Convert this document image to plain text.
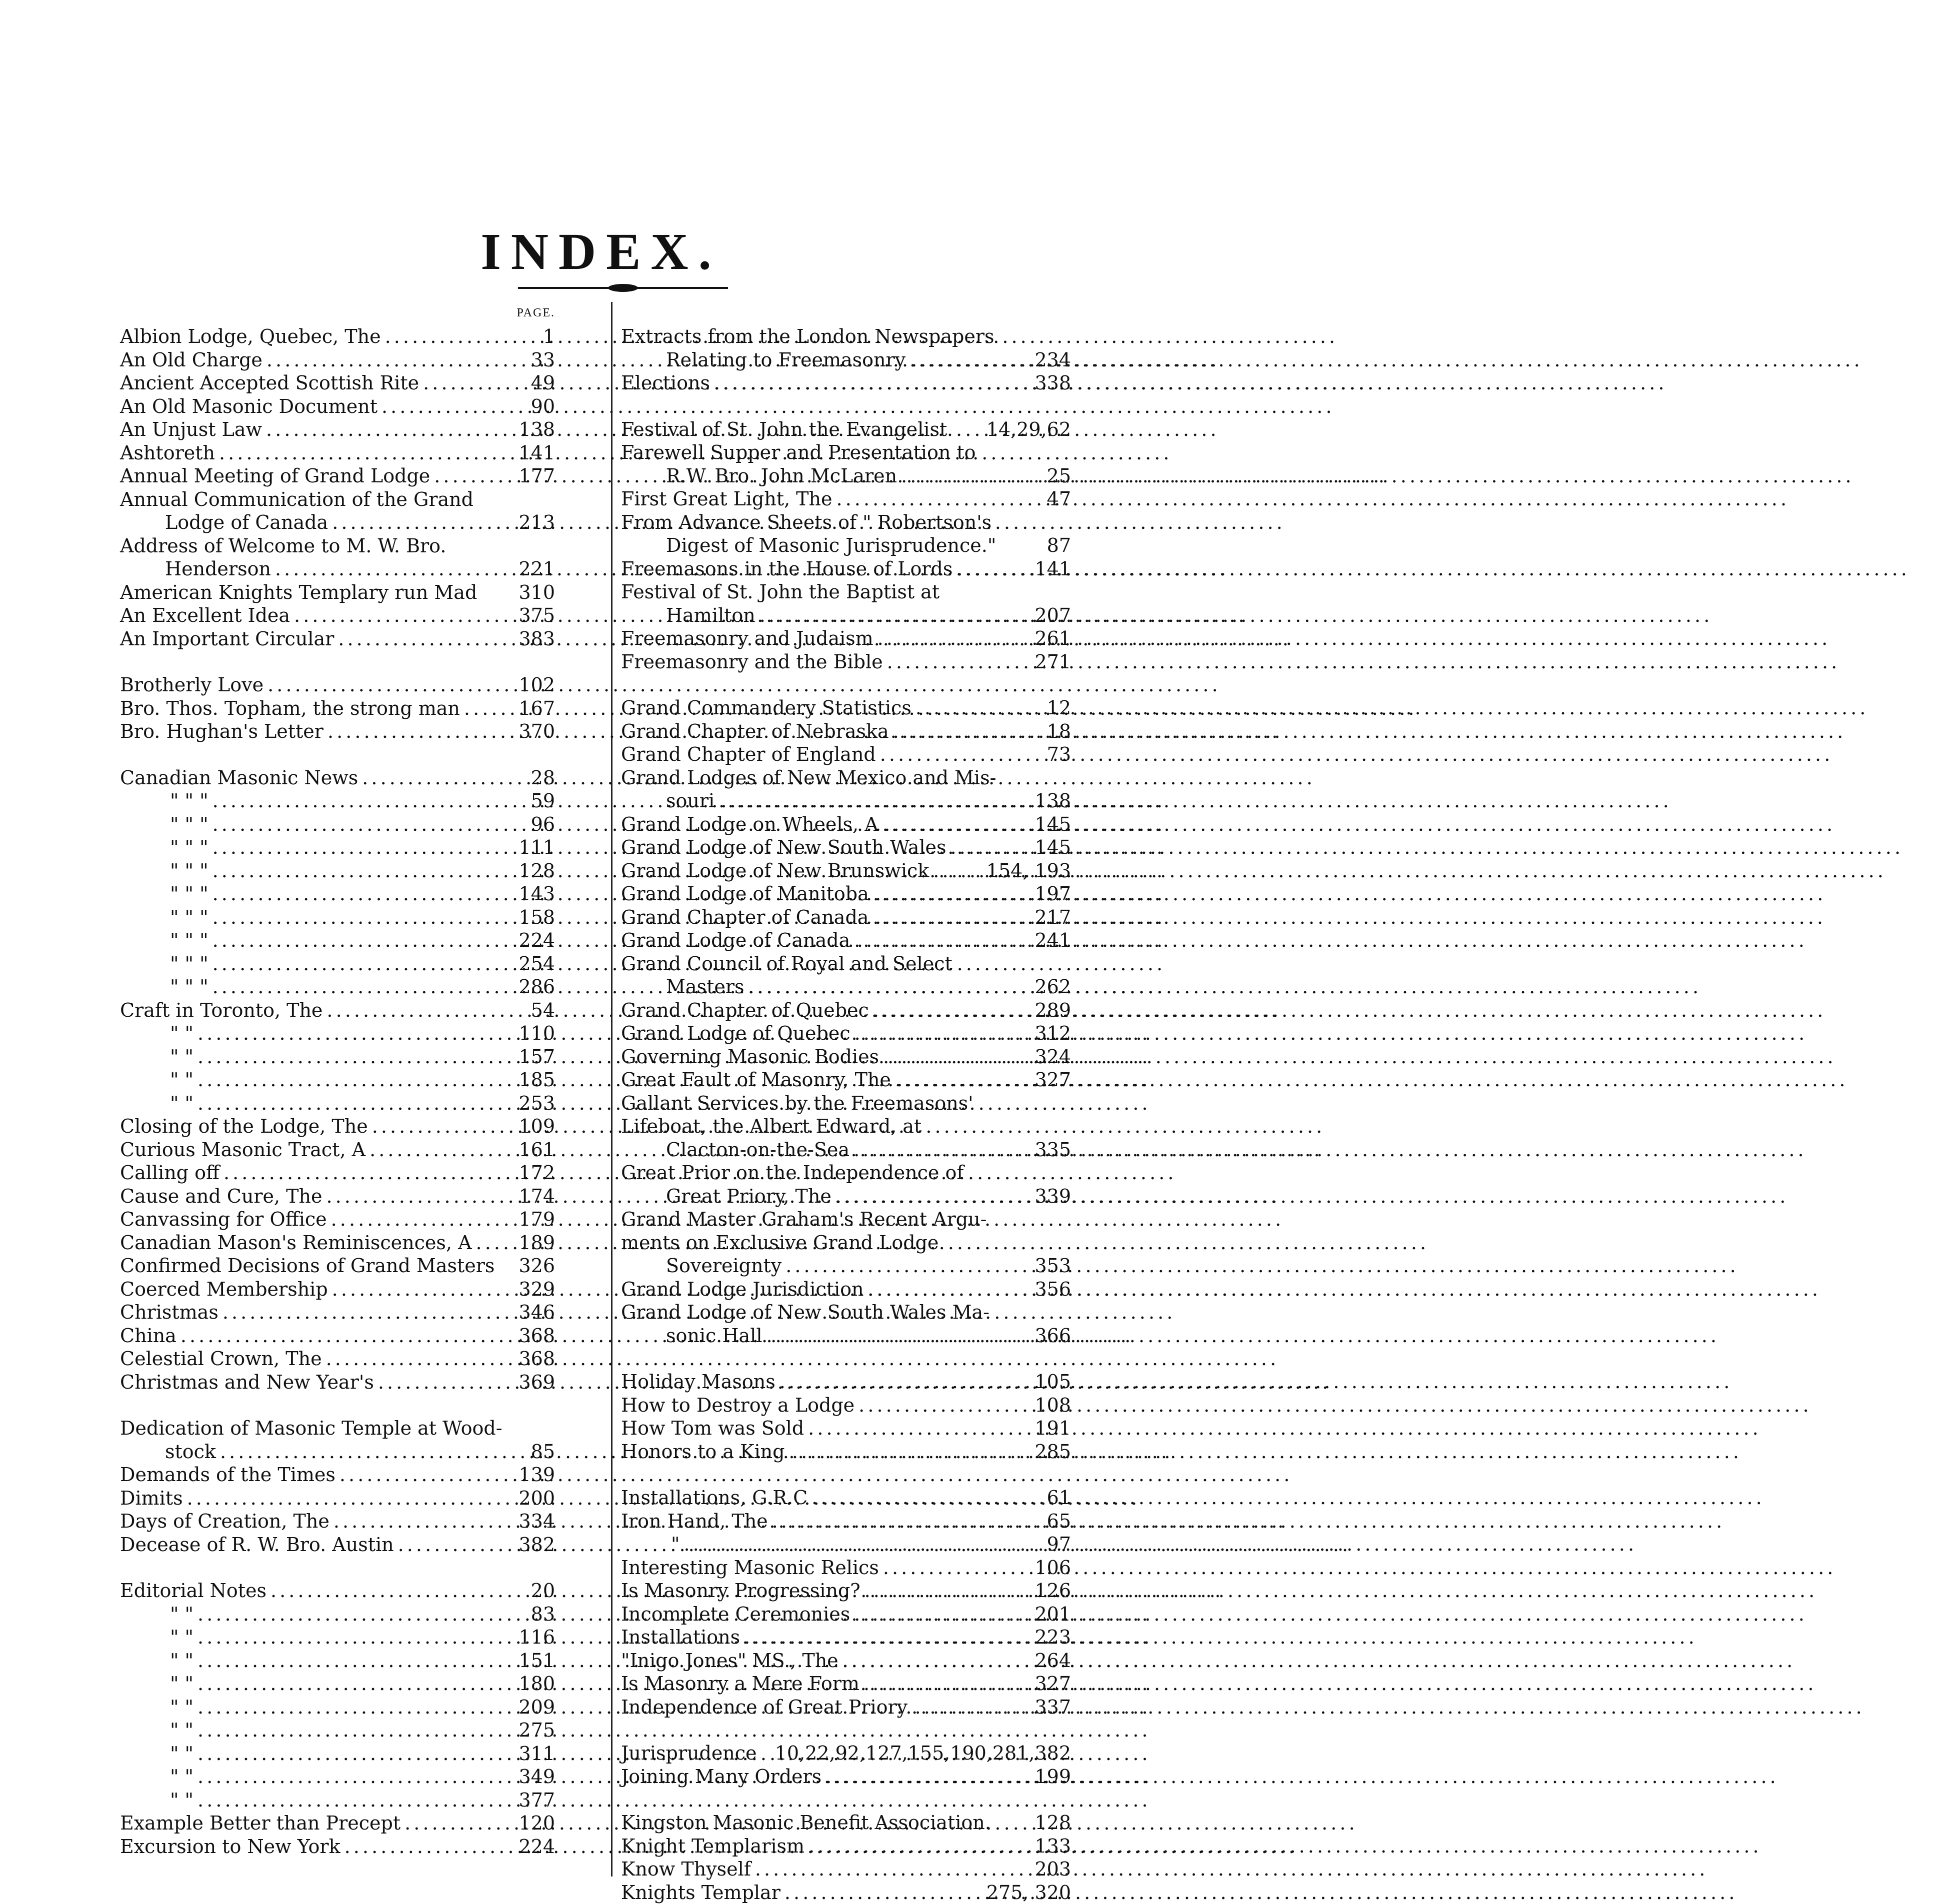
INDEX.
PAGE.
Albion Lodge, Quebec, The . . .	1
An Old Charge . . .	33
Ancient Accepted Scottish Rite . . .	49
An Old Masonic Document . . .	90
An Unjust Law . . .	138
Ashtoreth . . .	141
Annual Meeting of Grand Lodge . . .	177
Annual Communication of the Grand
Lodge of Canada . . .	213
Address of Welcome to M. W. Bro.
Henderson . . .	221
American Knights Templary run Mad 310
An Excellent Idea . . .	375
An Important Circular . . .	383
Brotherly Love . . .	102
Bro. Thos. Topham, the strong man . . .	167
Bro. Hughan's Letter . . .	370
Canadian Masonic News . . .	28
" " " . . .	59
" " " . . .	96
" " " . . .	111
" " " . . .	128
" " " . . .	143
" " " . . .	158
" " " . . .	224
" " " . . .	254
" " " . . .	286
Craft in Toronto, The . . .	54
" " . . .	110
" " . . .	157
" " . . .	185
" " . . .	253
Closing of the Lodge, The . . .	109
Curious Masonic Tract, A . . .	161
Calling off . . .	172
Cause and Cure, The . . .	174
Canvassing for Office . . .	179
Canadian Mason's Reminiscences, A . . . 189
Confirmed Decisions of Grand Masters 326
Coerced Membership . . .	329
Christmas . . .	346
China . . .	368
Celestial Crown, The . . .	368
Christmas and New Year's . . .	369
Dedication of Masonic Temple at Wood-
stock . . .	85
Demands of the Times . . .	139
Dimits . . .	200
Days of Creation, The . . .	334
Decease of R. W. Bro. Austin . . .	382
Editorial Notes . . .	20
" " . . .	83
" " . . .	116
" " . . .	151
" " . . .	180
" " . . .	209
" " . . .	275
" " . . .	311
" " . . .	349
" " . . .	377
Example Better than Precept . . .	120
Excursion to New York . . .	224

Extracts from the London Newspapers
Relating to Freemasonry . . .	234
Elections . . .	338
Festival of St. John the Evangelist 14,29,62
Farewell Supper and Presentation to
R.W. Bro. John McLaren . . .	25
First Great Light, The . . .	47
From Advance Sheets of " Robertson's
Digest of Masonic Jurisprudence."	87
Freemasons in the House of Lords . . .	141
Festival of St. John the Baptist at
Hamilton . . .	207
Freemasonry and Judaism . . .	261
Freemasonry and the Bible . . .	271
Grand Commandery Statistics . . .	12
Grand Chapter of Nebraska . . .	18
Grand Chapter of England . . .	73
Grand Lodges of New Mexico and Mis-
souri . . .	138
Grand Lodge on Wheels, A . . .	145
Grand Lodge of New South Wales . . .	145
Grand Lodge of New Brunswick . . .	154, 193
Grand Lodge of Manitoba . . .	197
Grand Chapter of Canada . . .	217
Grand Lodge of Canada . . .	241
Grand Council of Royal and Select
Masters . . .	262
Grand Chapter of Quebec . . .	289
Grand Lodge of Quebec . . .	312
Governing Masonic Bodies . . .	324
Great Fault of Masonry, The . . .	327
Gallant Services by the Freemasons'
Lifeboat, the Albert Edward, at
Clacton-on-the-Sea . . .	335
Great Prior on the Independence of
Great Priory, The . . .	339
Grand Master Graham's Recent Argu-
ments on Exclusive Grand Lodge
Sovereignty . . .	353
Grand Lodge Jurisdiction . . .	356
Grand Lodge of New South Wales Ma-
sonic Hall . . .	366
Holiday Masons . . .	105
How to Destroy a Lodge . . .	108
How Tom was Sold . . .	191
Honors to a King . . .	285
Installations, G.R.C . . .	61
Iron Hand, The . . .	65
" . . .	97
Interesting Masonic Relics . . .	106
Is Masonry Progressing? . . .	126
Incomplete Ceremonies . . .	201
Installations . . .	223
"Inigo Jones" MS., The . . .	264
Is Masonry a Mere Form . . .	327
Independence of Great Priory . . .	337
Jurisprudence 10,22,92,127,155,190,281,382
Joining Many Orders . . .	199
Kingston Masonic Benefit Association. 128
Knight Templarism . . .	133
Know Thyself . . .	203
Knights Templar . . .	275, 320
